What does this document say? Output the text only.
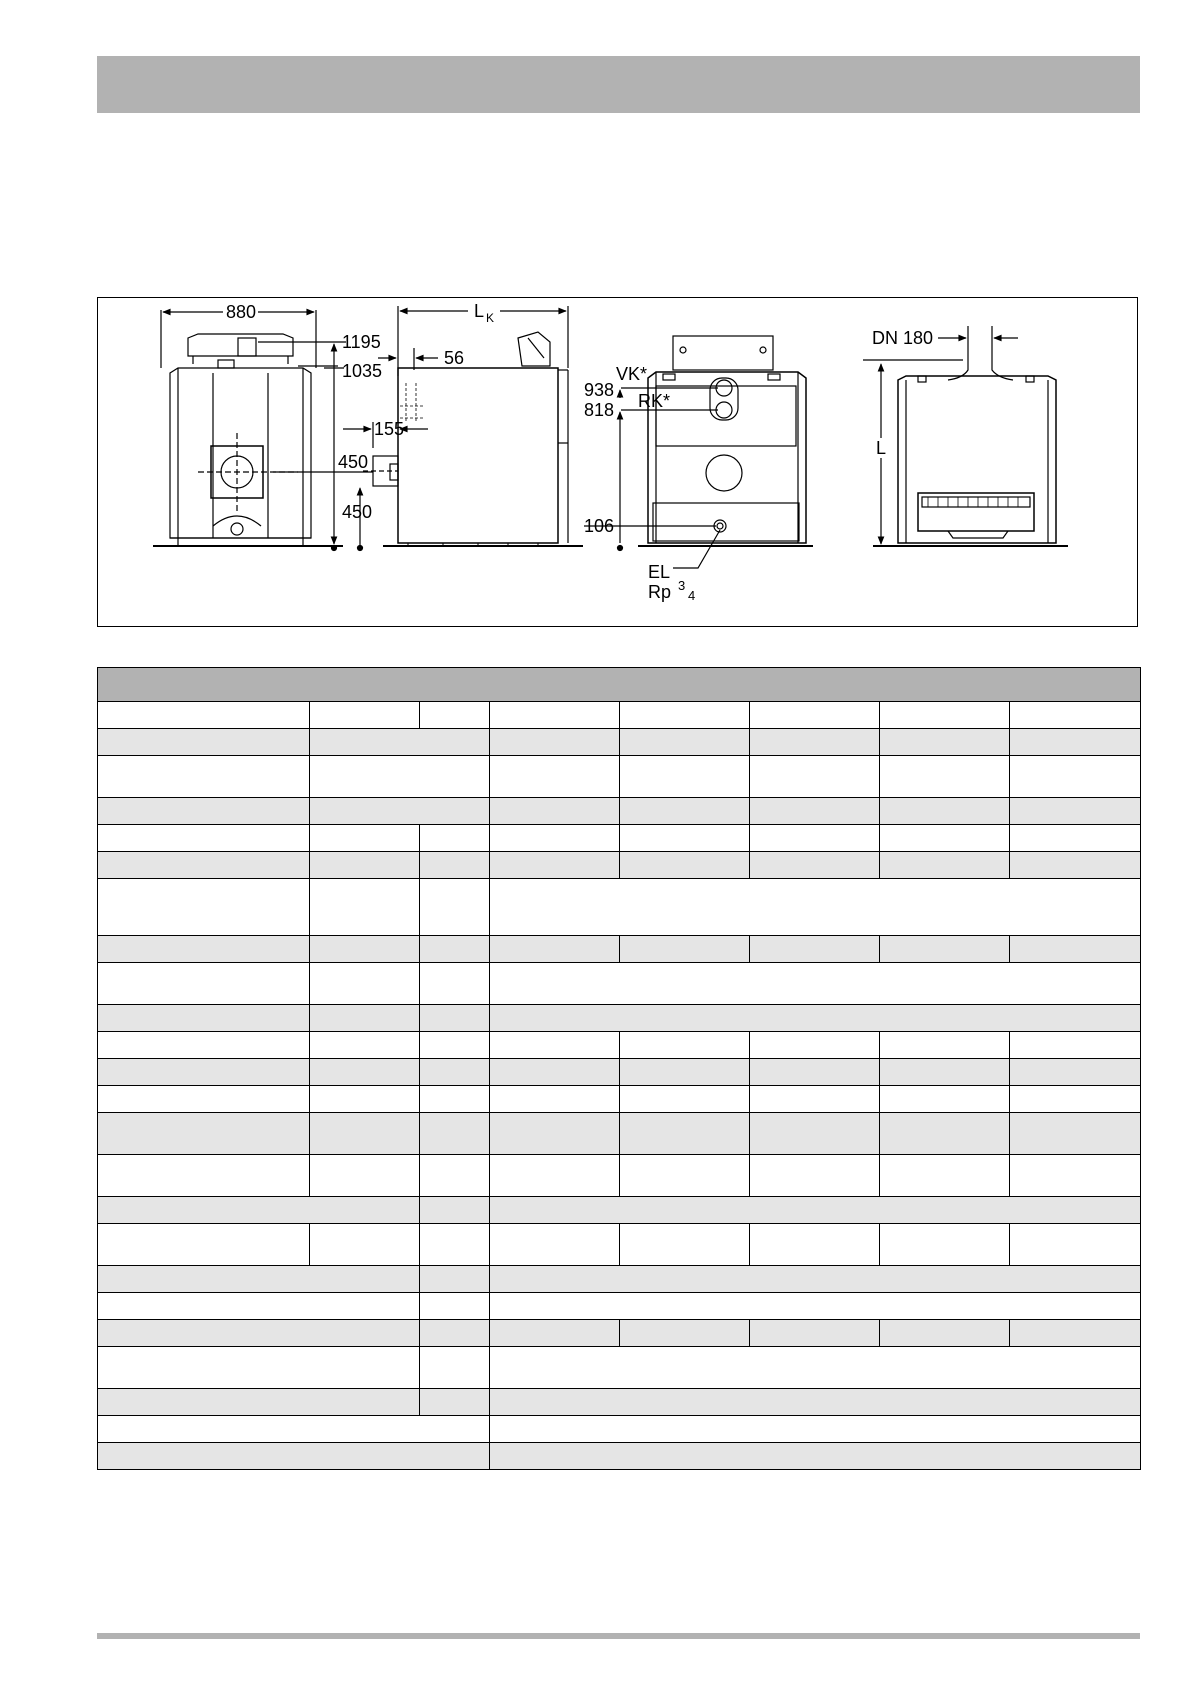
880
1195
1035
450
L K
56
155
450
VK*
938
RK*
818
106
EL
Rp 3
4
DN 180
L
